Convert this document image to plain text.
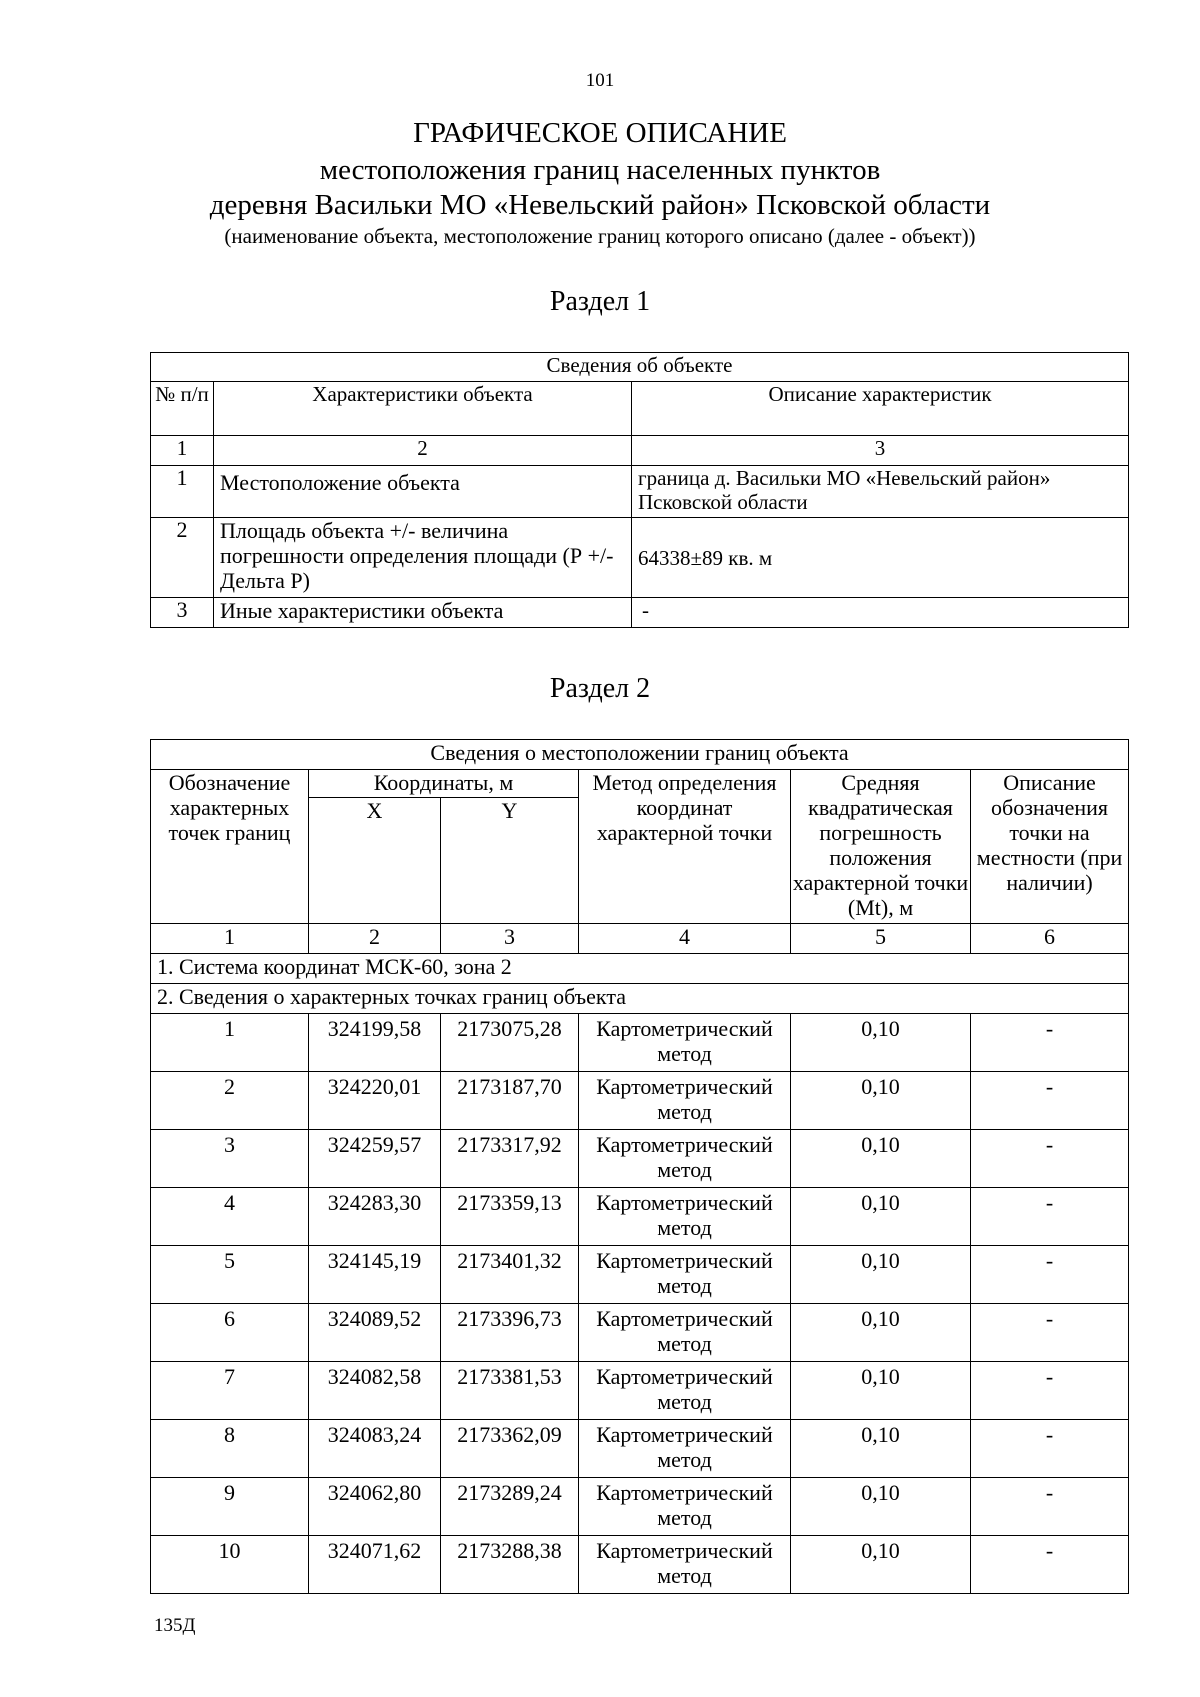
101
ГРАФИЧЕСКОЕ ОПИСАНИЕ
местоположения границ населенных пунктов
деревня Васильки МО «Невельский район» Псковской области
(наименование объекта, местоположение границ которого описано (далее - объект))
Раздел 1
Сведения об объекте		
№ п/п	Характеристики объекта	Описание характеристик
1	2	3
1	Местоположение объекта	граница д. Васильки МО «Невельский район» Псковской области
2	Площадь объекта +/- величина погрешности определения площади (Р +/- Дельта Р)	64338±89 кв. м
3	Иные характеристики объекта	-
Раздел 2
Сведения о местоположении границ объекта					
Обозначение характерных точек границ	Координаты, м		Метод определения координат характерной точки	Средняя квадратическая погрешность положения характерной точки (Mt), м	Описание обозначения точки на местности (при наличии)
	X	Y			
1	2	3	4	5	6
1. Система координат МСК-60, зона 2					
2. Сведения о характерных точках границ объекта					
1	324199,58	2173075,28	Картометрический метод	0,10	-
2	324220,01	2173187,70	Картометрический метод	0,10	-
3	324259,57	2173317,92	Картометрический метод	0,10	-
4	324283,30	2173359,13	Картометрический метод	0,10	-
5	324145,19	2173401,32	Картометрический метод	0,10	-
6	324089,52	2173396,73	Картометрический метод	0,10	-
7	324082,58	2173381,53	Картометрический метод	0,10	-
8	324083,24	2173362,09	Картометрический метод	0,10	-
9	324062,80	2173289,24	Картометрический метод	0,10	-
10	324071,62	2173288,38	Картометрический метод	0,10	-
135Д
